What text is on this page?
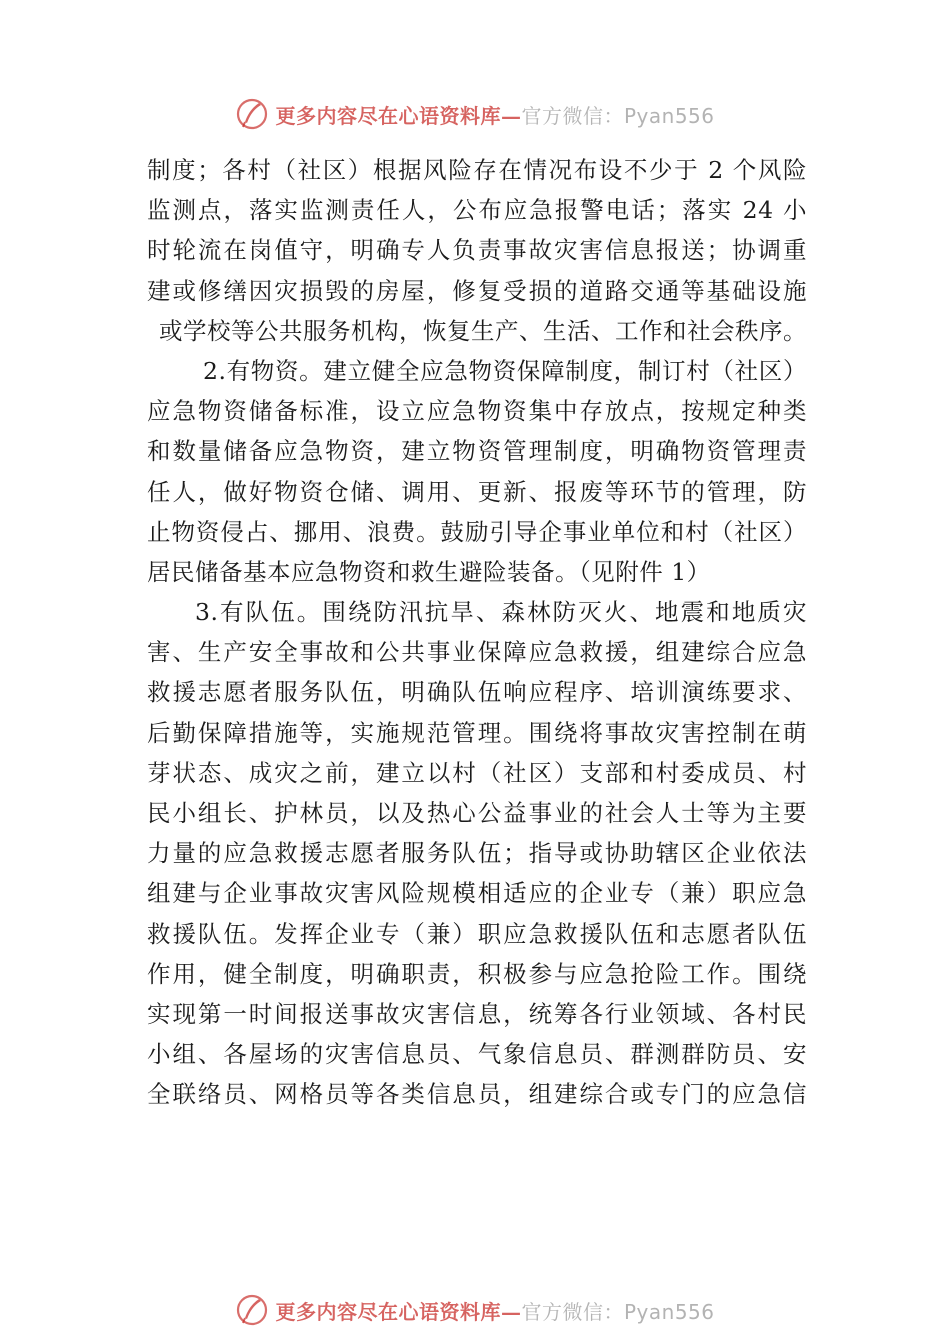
更多内容尽在心语资料库—官方微信：Pyan556
制度；各村（社区）根据风险存在情况布设不少于 2 个风险
监测点，落实监测责任人，公布应急报警电话；落实 24 小
时轮流在岗值守，明确专人负责事故灾害信息报送；协调重
建或修缮因灾损毁的房屋，修复受损的道路交通等基础设施
或学校等公共服务机构，恢复生产、生活、工作和社会秩序。
2.有物资。建立健全应急物资保障制度，制订村（社区）
应急物资储备标准，设立应急物资集中存放点，按规定种类
和数量储备应急物资，建立物资管理制度，明确物资管理责
任人，做好物资仓储、调用、更新、报废等环节的管理，防
止物资侵占、挪用、浪费。鼓励引导企事业单位和村（社区）
居民储备基本应急物资和救生避险装备。（见附件 1）
3.有队伍。围绕防汛抗旱、森林防灭火、地震和地质灾
害、生产安全事故和公共事业保障应急救援，组建综合应急
救援志愿者服务队伍，明确队伍响应程序、培训演练要求、
后勤保障措施等，实施规范管理。围绕将事故灾害控制在萌
芽状态、成灾之前，建立以村（社区）支部和村委成员、村
民小组长、护林员，以及热心公益事业的社会人士等为主要
力量的应急救援志愿者服务队伍；指导或协助辖区企业依法
组建与企业事故灾害风险规模相适应的企业专（兼）职应急
救援队伍。发挥企业专（兼）职应急救援队伍和志愿者队伍
作用，健全制度，明确职责，积极参与应急抢险工作。围绕
实现第一时间报送事故灾害信息，统筹各行业领域、各村民
小组、各屋场的灾害信息员、气象信息员、群测群防员、安
全联络员、网格员等各类信息员，组建综合或专门的应急信
更多内容尽在心语资料库—官方微信：Pyan556
